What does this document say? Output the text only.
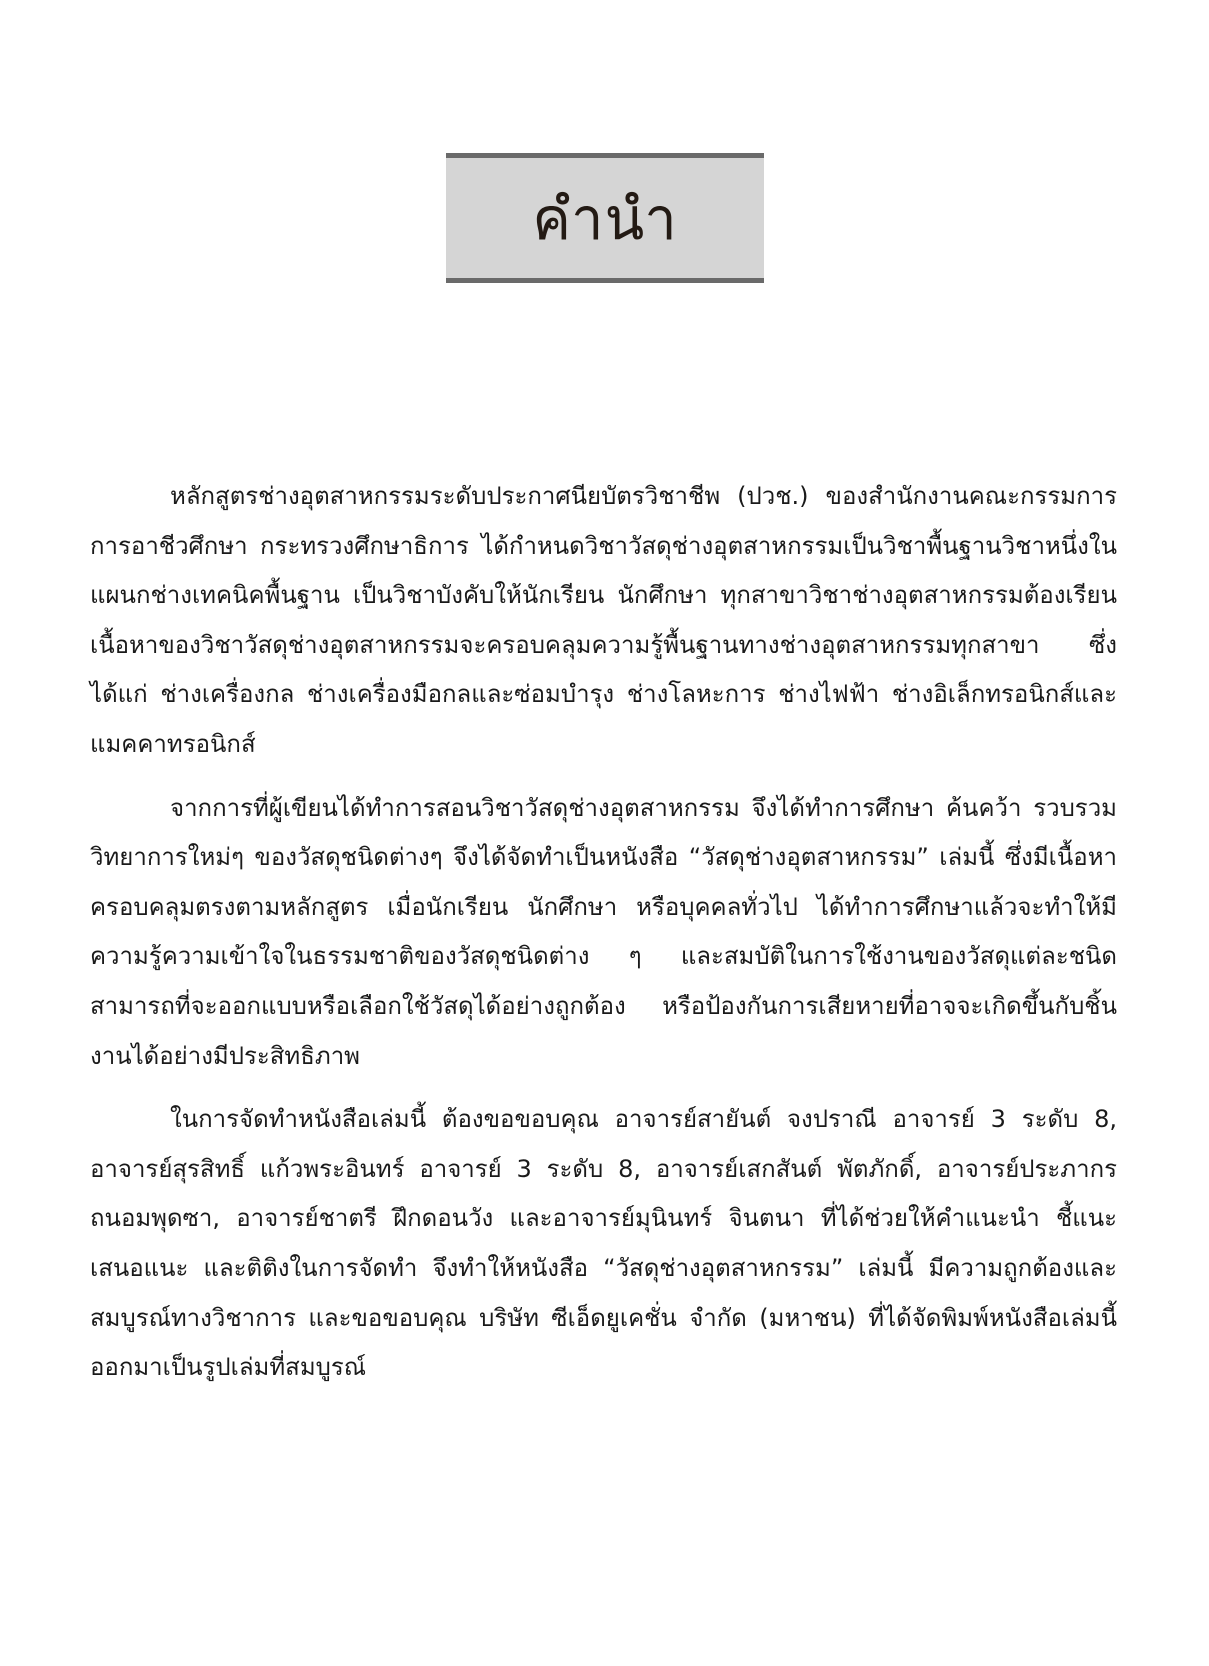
คำนำ

หลักสูตรช่างอุตสาหกรรมระดับประกาศนียบัตรวิชาชีพ (ปวช.) ของสำนักงานคณะกรรมการการอาชีวศึกษา กระทรวงศึกษาธิการ ได้กำหนดวิชาวัสดุช่างอุตสาหกรรมเป็นวิชาพื้นฐานวิชาหนึ่งในแผนกช่างเทคนิคพื้นฐาน เป็นวิชาบังคับให้นักเรียน นักศึกษา ทุกสาขาวิชาช่างอุตสาหกรรมต้องเรียน เนื้อหาของวิชาวัสดุช่างอุตสาหกรรมจะครอบคลุมความรู้พื้นฐานทางช่างอุตสาหกรรมทุกสาขา ซึ่งได้แก่ ช่างเครื่องกล ช่างเครื่องมือกลและซ่อมบำรุง ช่างโลหะการ ช่างไฟฟ้า ช่างอิเล็กทรอนิกส์และแมคคาทรอนิกส์

จากการที่ผู้เขียนได้ทำการสอนวิชาวัสดุช่างอุตสาหกรรม จึงได้ทำการศึกษา ค้นคว้า รวบรวมวิทยาการใหม่ๆ ของวัสดุชนิดต่างๆ จึงได้จัดทำเป็นหนังสือ “วัสดุช่างอุตสาหกรรม” เล่มนี้ ซึ่งมีเนื้อหาครอบคลุมตรงตามหลักสูตร เมื่อนักเรียน นักศึกษา หรือบุคคลทั่วไป ได้ทำการศึกษาแล้วจะทำให้มีความรู้ความเข้าใจในธรรมชาติของวัสดุชนิดต่าง ๆ และสมบัติในการใช้งานของวัสดุแต่ละชนิด สามารถที่จะออกแบบหรือเลือกใช้วัสดุได้อย่างถูกต้อง หรือป้องกันการเสียหายที่อาจจะเกิดขึ้นกับชิ้นงานได้อย่างมีประสิทธิภาพ

ในการจัดทำหนังสือเล่มนี้ ต้องขอขอบคุณ อาจารย์สายันต์ จงปราณี อาจารย์ 3 ระดับ 8, อาจารย์สุรสิทธิ์ แก้วพระอินทร์ อาจารย์ 3 ระดับ 8, อาจารย์เสกสันต์ พัตภักดิ์, อาจารย์ประภากร ถนอมพุดซา, อาจารย์ชาตรี ฝึกดอนวัง และอาจารย์มุนินทร์ จินตนา ที่ได้ช่วยให้คำแนะนำ ชี้แนะ เสนอแนะ และติติงในการจัดทำ จึงทำให้หนังสือ “วัสดุช่างอุตสาหกรรม” เล่มนี้ มีความถูกต้องและสมบูรณ์ทางวิชาการ และขอขอบคุณ บริษัท ซีเอ็ดยูเคชั่น จำกัด (มหาชน) ที่ได้จัดพิมพ์หนังสือเล่มนี้ออกมาเป็นรูปเล่มที่สมบูรณ์
